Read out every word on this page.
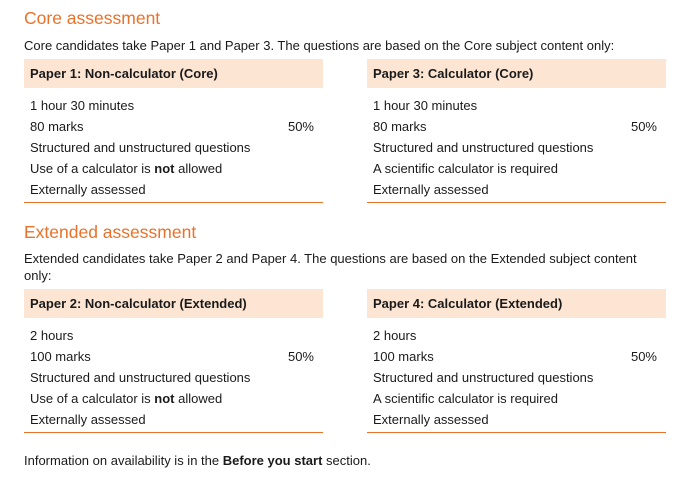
Core assessment

Core candidates take Paper 1 and Paper 3. The questions are based on the Core subject content only:

Paper 1: Non-calculator (Core)
1 hour 30 minutes
80 marks	50%
Structured and unstructured questions
Use of a calculator is not allowed
Externally assessed
Paper 3: Calculator (Core)
1 hour 30 minutes
80 marks	50%
Structured and unstructured questions
A scientific calculator is required
Externally assessed
Extended assessment

Extended candidates take Paper 2 and Paper 4. The questions are based on the Extended subject content only:

Paper 2: Non-calculator (Extended)
2 hours
100 marks	50%
Structured and unstructured questions
Use of a calculator is not allowed
Externally assessed
Paper 4: Calculator (Extended)
2 hours
100 marks	50%
Structured and unstructured questions
A scientific calculator is required
Externally assessed

Information on availability is in the Before you start section.
